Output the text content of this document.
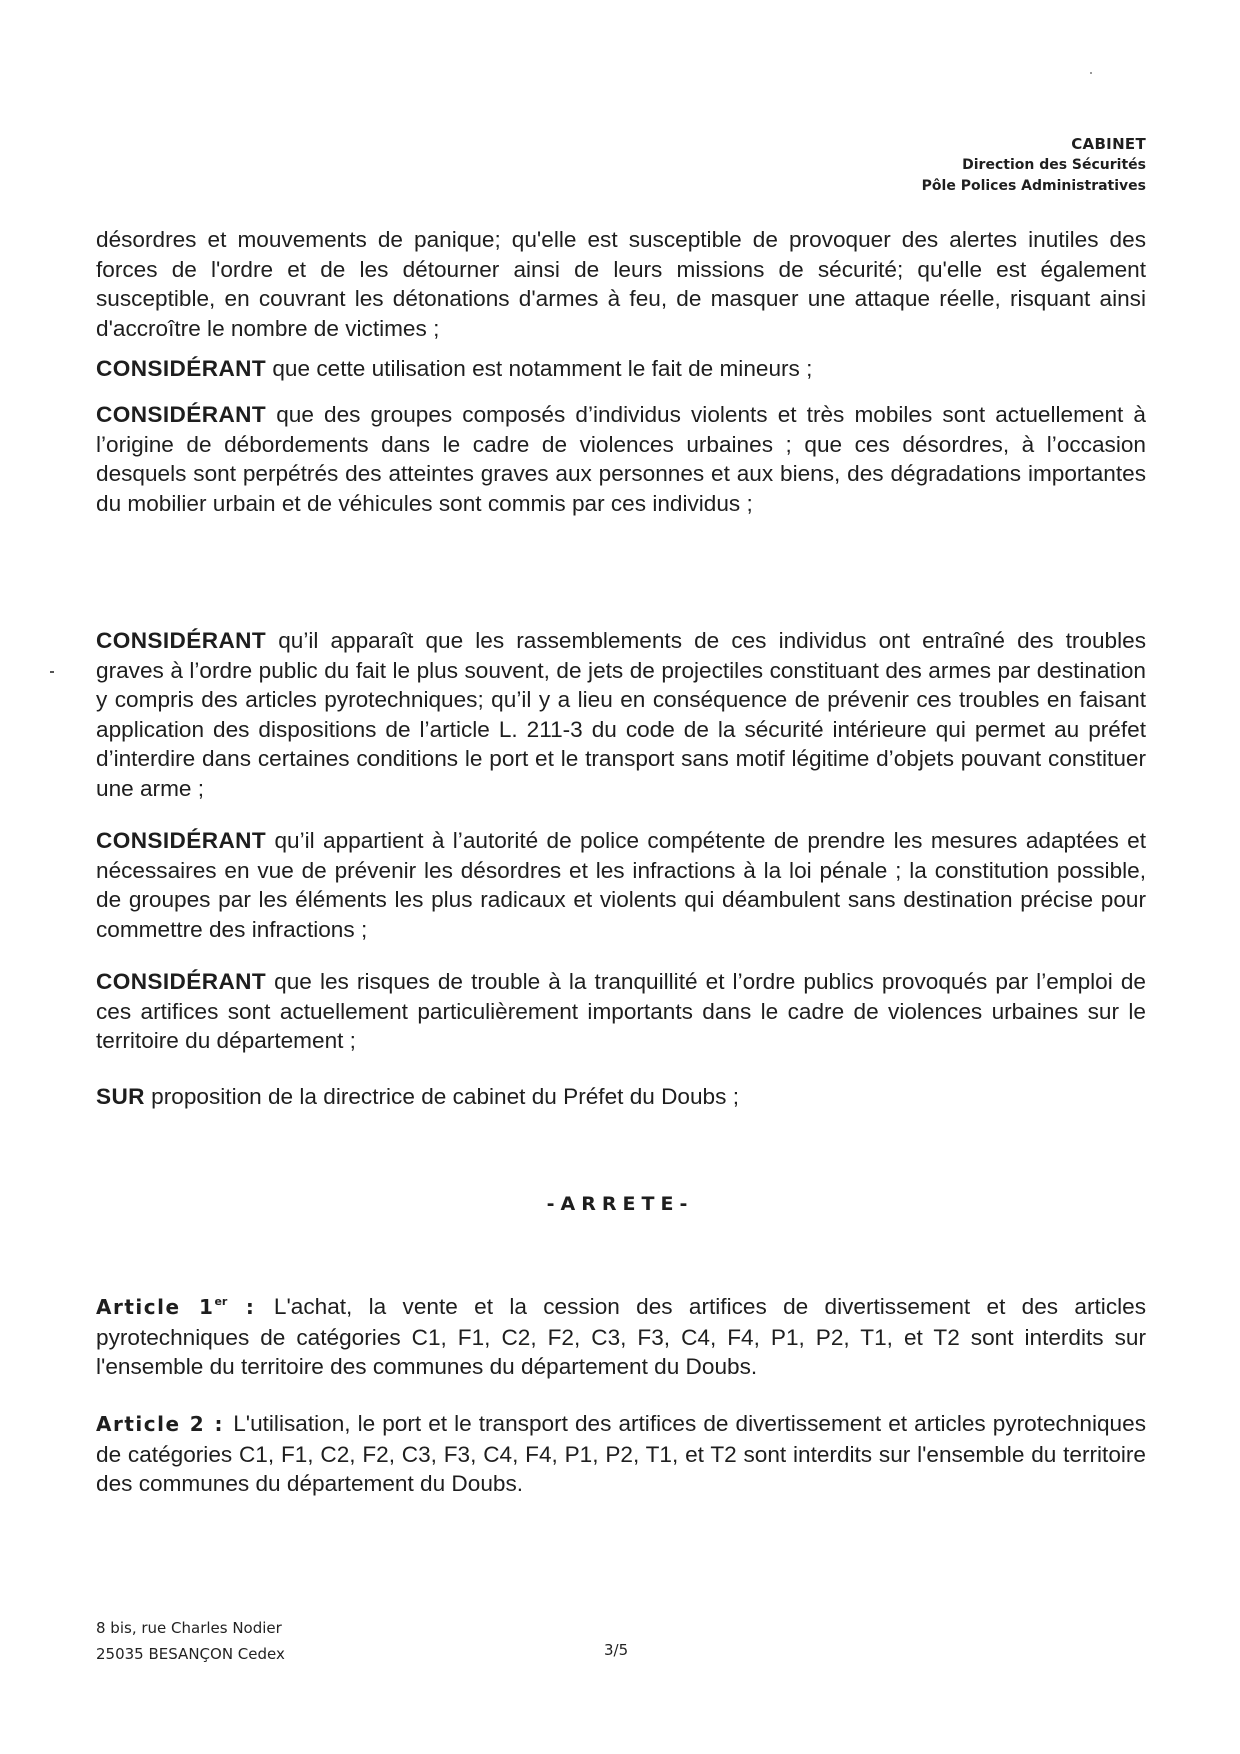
CABINET
Direction des Sécurités
Pôle Polices Administratives

désordres et mouvements de panique; qu'elle est susceptible de provoquer des alertes inutiles des forces de l'ordre et de les détourner ainsi de leurs missions de sécurité; qu'elle est également susceptible, en couvrant les détonations d'armes à feu, de masquer une attaque réelle, risquant ainsi d'accroître le nombre de victimes ;

CONSIDÉRANT que cette utilisation est notamment le fait de mineurs ;

CONSIDÉRANT que des groupes composés d’individus violents et très mobiles sont actuellement à l’origine de débordements dans le cadre de violences urbaines ; que ces désordres, à l’occasion desquels sont perpétrés des atteintes graves aux personnes et aux biens, des dégradations importantes du mobilier urbain et de véhicules sont commis par ces individus ;

CONSIDÉRANT qu’il apparaît que les rassemblements de ces individus ont entraîné des troubles graves à l’ordre public du fait le plus souvent, de jets de projectiles constituant des armes par destination y compris des articles pyrotechniques; qu’il y a lieu en conséquence de prévenir ces troubles en faisant application des dispositions de l’article L. 211-3 du code de la sécurité intérieure qui permet au préfet d’interdire dans certaines conditions le port et le transport sans motif légitime d’objets pouvant constituer une arme ;

CONSIDÉRANT qu’il appartient à l’autorité de police compétente de prendre les mesures adaptées et nécessaires en vue de prévenir les désordres et les infractions à la loi pénale ; la constitution possible, de groupes par les éléments les plus radicaux et violents qui déambulent sans destination précise pour commettre des infractions ;

CONSIDÉRANT que les risques de trouble à la tranquillité et l’ordre publics provoqués par l’emploi de ces artifices sont actuellement particulièrement importants dans le cadre de violences urbaines sur le territoire du département ;

SUR proposition de la directrice de cabinet du Préfet du Doubs ;

-ARRETE-

Article 1er : L'achat, la vente et la cession des artifices de divertissement et des articles pyrotechniques de catégories C1, F1, C2, F2, C3, F3, C4, F4, P1, P2, T1, et T2 sont interdits sur l'ensemble du territoire des communes du département du Doubs.

Article 2 : L'utilisation, le port et le transport des artifices de divertissement et articles pyrotechniques de catégories C1, F1, C2, F2, C3, F3, C4, F4, P1, P2, T1, et T2 sont interdits sur l'ensemble du territoire des communes du département du Doubs.

8 bis, rue Charles Nodier
25035 BESANÇON Cedex	3/5
